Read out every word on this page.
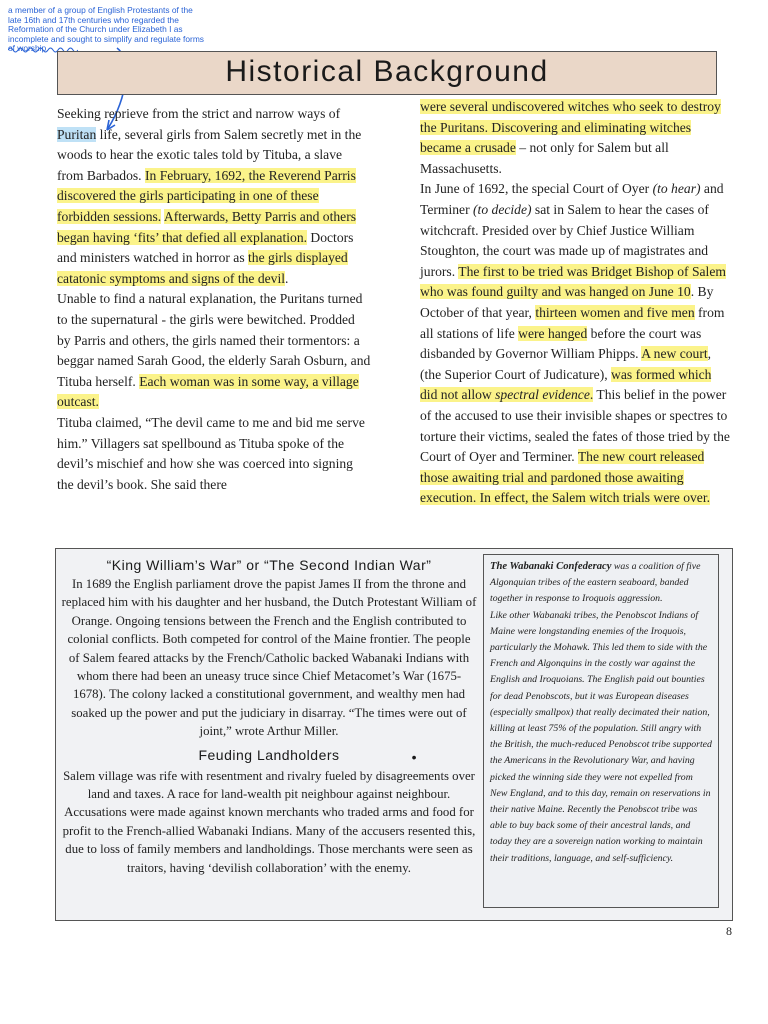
a member of a group of English Protestants of the late 16th and 17th centuries who regarded the Reformation of the Church under Elizabeth I as incomplete and sought to simplify and regulate forms of worship.
Historical Background

Seeking reprieve from the strict and narrow ways of Puritan life, several girls from Salem secretly met in the woods to hear the exotic tales told by Tituba, a slave from Barbados. In February, 1692, the Reverend Parris discovered the girls participating in one of these forbidden sessions. Afterwards, Betty Parris and others began having ‘fits’ that defied all explanation. Doctors and ministers watched in horror as the girls displayed catatonic symptoms and signs of the devil.

Unable to find a natural explanation, the Puritans turned to the supernatural - the girls were bewitched. Prodded by Parris and others, the girls named their tormentors: a beggar named Sarah Good, the elderly Sarah Osburn, and Tituba herself. Each woman was in some way, a village outcast.

Tituba claimed, “The devil came to me and bid me serve him.” Villagers sat spellbound as Tituba spoke of the devil’s mischief and how she was coerced into signing the devil’s book. She said there

were several undiscovered witches who seek to destroy the Puritans. Discovering and eliminating witches became a crusade – not only for Salem but all Massachusetts.

In June of 1692, the special Court of Oyer (to hear) and Terminer (to decide) sat in Salem to hear the cases of witchcraft. Presided over by Chief Justice William Stoughton, the court was made up of magistrates and jurors. The first to be tried was Bridget Bishop of Salem who was found guilty and was hanged on June 10. By October of that year, thirteen women and five men from all stations of life were hanged before the court was disbanded by Governor William Phipps. A new court, (the Superior Court of Judicature), was formed which did not allow spectral evidence. This belief in the power of the accused to use their invisible shapes or spectres to torture their victims, sealed the fates of those tried by the Court of Oyer and Terminer. The new court released those awaiting trial and pardoned those awaiting execution. In effect, the Salem witch trials were over.

“King William’s War” or “The Second Indian War”

In 1689 the English parliament drove the papist James II from the throne and replaced him with his daughter and her husband, the Dutch Protestant William of Orange. Ongoing tensions between the French and the English contributed to colonial conflicts. Both competed for control of the Maine frontier. The people of Salem feared attacks by the French/Catholic backed Wabanaki Indians with whom there had been an uneasy truce since Chief Metacomet’s War (1675-1678). The colony lacked a constitutional government, and wealthy men had soaked up the power and put the judiciary in disarray. “The times were out of joint,” wrote Arthur Miller.

Feuding Landholders	•

Salem village was rife with resentment and rivalry fueled by disagreements over land and taxes. A race for land-wealth pit neighbour against neighbour. Accusations were made against known merchants who traded arms and food for profit to the French-allied Wabanaki Indians. Many of the accusers resented this, due to loss of family members and landholdings. Those merchants were seen as traitors, having ‘devilish collaboration’ with the enemy.

The Wabanaki Confederacy was a coalition of five Algonquian tribes of the eastern seaboard, banded together in response to Iroquois aggression.

Like other Wabanaki tribes, the Penobscot Indians of Maine were longstanding enemies of the Iroquois, particularly the Mohawk. This led them to side with the French and Algonquins in the costly war against the English and Iroquoians. The English paid out bounties for dead Penobscots, but it was European diseases (especially smallpox) that really decimated their nation, killing at least 75% of the population. Still angry with the British, the much-reduced Penobscot tribe supported the Americans in the Revolutionary War, and having picked the winning side they were not expelled from New England, and to this day, remain on reservations in their native Maine. Recently the Penobscot tribe was able to buy back some of their ancestral lands, and today they are a sovereign nation working to maintain their traditions, language, and self-sufficiency.

8
